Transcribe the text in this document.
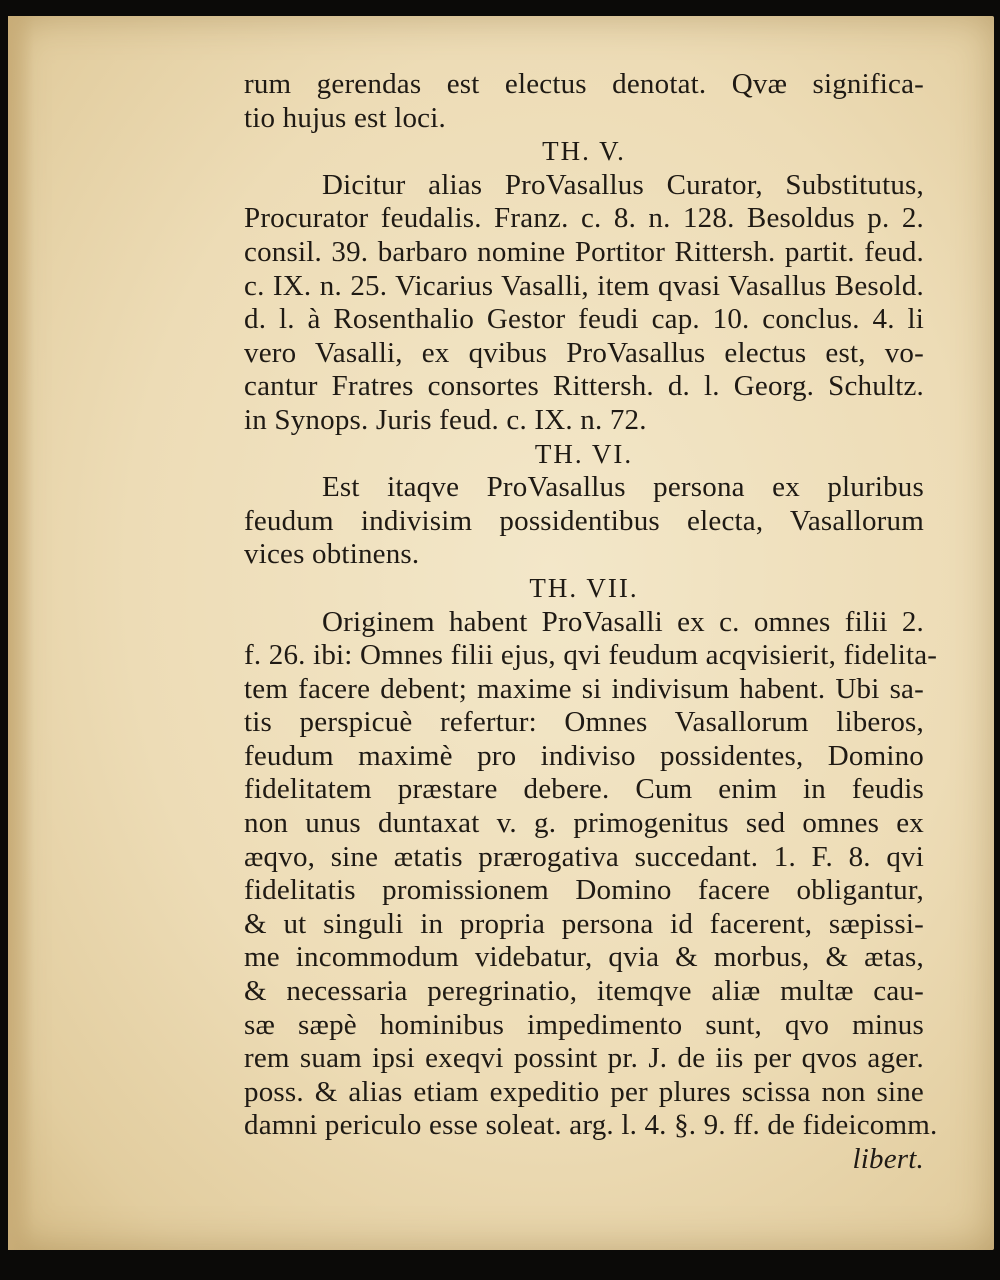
rum gerendas est electus denotat. Qvæ significa-
tio hujus est loci.
TH. V.
Dicitur alias ProVasallus Curator, Substitutus,
Procurator feudalis. Franz. c. 8. n. 128. Besoldus p. 2.
consil. 39. barbaro nomine Portitor Rittersh. partit. feud.
c. IX. n. 25. Vicarius Vasalli, item qvasi Vasallus Besold.
d. l. à Rosenthalio Gestor feudi cap. 10. conclus. 4. li
vero Vasalli, ex qvibus ProVasallus electus est, vo-
cantur Fratres consortes Rittersh. d. l. Georg. Schultz.
in Synops. Juris feud. c. IX. n. 72.
TH. VI.
Est itaqve ProVasallus persona ex pluribus
feudum indivisim possidentibus electa, Vasallorum
vices obtinens.
TH. VII.
Originem habent ProVasalli ex c. omnes filii 2.
f. 26. ibi: Omnes filii ejus, qvi feudum acqvisierit, fidelita-
tem facere debent; maxime si indivisum habent. Ubi sa-
tis perspicuè refertur: Omnes Vasallorum liberos,
feudum maximè pro indiviso possidentes, Domino
fidelitatem præstare debere. Cum enim in feudis
non unus duntaxat v. g. primogenitus sed omnes ex
æqvo, sine ætatis prærogativa succedant. 1. F. 8. qvi
fidelitatis promissionem Domino facere obligantur,
& ut singuli in propria persona id facerent, sæpissi-
me incommodum videbatur, qvia & morbus, & ætas,
& necessaria peregrinatio, itemqve aliæ multæ cau-
sæ sæpè hominibus impedimento sunt, qvo minus
rem suam ipsi exeqvi possint pr. J. de iis per qvos ager.
poss. & alias etiam expeditio per plures scissa non sine
damni periculo esse soleat. arg. l. 4. §. 9. ff. de fideicomm.
libert.
